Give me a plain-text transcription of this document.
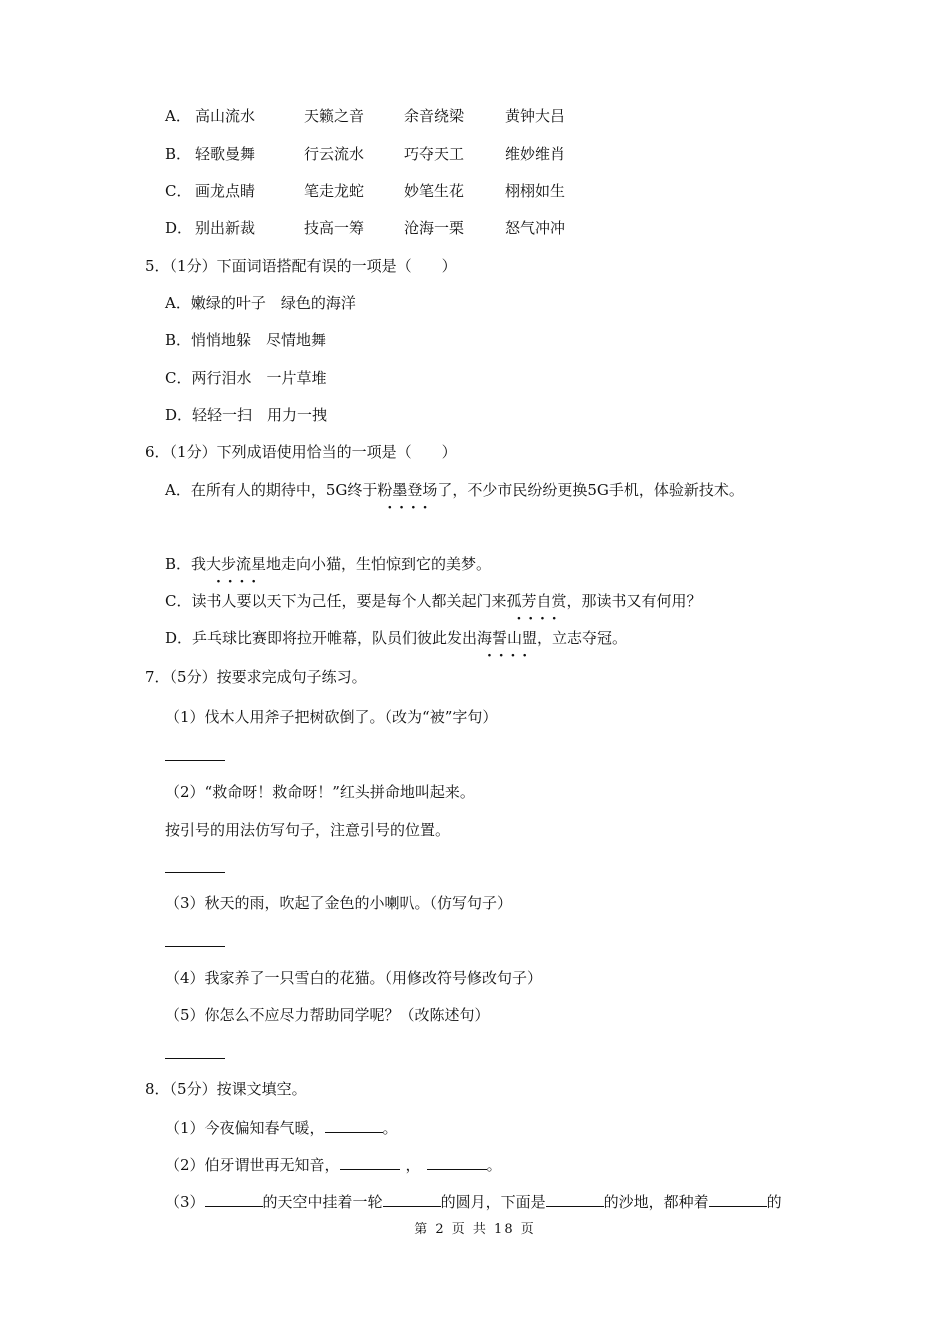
A． 高山流水	天籁之音	余音绕梁	黄钟大吕
B． 轻歌曼舞	行云流水	巧夺天工	维妙维肖
C． 画龙点睛	笔走龙蛇	妙笔生花	栩栩如生
D． 别出新裁	技高一筹	沧海一栗	怒气冲冲
5．（1分）下面词语搭配有误的一项是（　　）
A．嫩绿的叶子　绿色的海洋
B．悄悄地躲　尽情地舞
C．两行泪水　一片草堆
D．轻轻一扫　用力一拽
6．（1分）下列成语使用恰当的一项是（　　）
A．在所有人的期待中，5G终于粉墨登场 · · · ·了，不少市民纷纷更换5G手机，体验新技术。
B．我大步流星 · · · ·地走向小猫，生怕惊到它的美梦。
C．读书人要以天下为己任，要是每个人都关起门来孤芳自赏 · · · ·，那读书又有何用？
D．乒乓球比赛即将拉开帷幕，队员们彼此发出海誓山盟 · · · ·，立志夺冠。
7．（5分）按要求完成句子练习。
（1）伐木人用斧子把树砍倒了。（改为“被”字句）
（2）“救命呀！救命呀！”红头拼命地叫起来。
按引号的用法仿写句子，注意引号的位置。
（3）秋天的雨，吹起了金色的小喇叭。（仿写句子）
（4）我家养了一只雪白的花猫。（用修改符号修改句子）
（5）你怎么不应尽力帮助同学呢？（改陈述句）
8．（5分）按课文填空。
（1）今夜偏知春气暖，	。
（2）伯牙谓世再无知音，	，	。
（3）	的天空中挂着一轮	的圆月，下面是	的沙地，都种着	的
第 2 页 共 18 页
